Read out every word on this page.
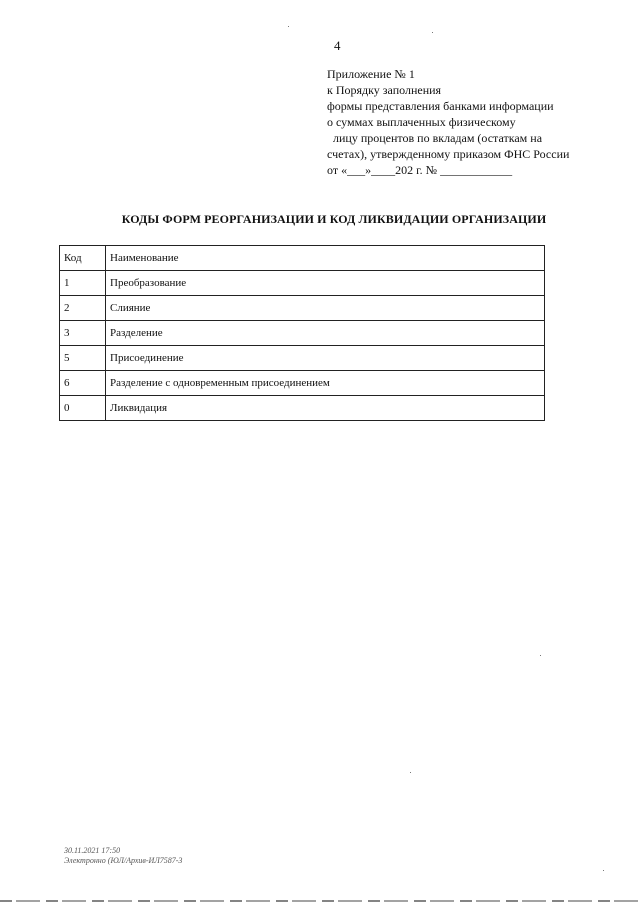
4
Приложение № 1
к Порядку заполнения
формы представления банками информации
о суммах выплаченных физическому
лицу процентов по вкладам (остаткам на
счетах), утвержденному приказом ФНС России
от «___»____202 г. № ____________
КОДЫ ФОРМ РЕОРГАНИЗАЦИИ И КОД ЛИКВИДАЦИИ ОРГАНИЗАЦИИ
Код	Наименование
1	Преобразование
2	Слияние
3	Разделение
5	Присоединение
6	Разделение с одновременным присоединением
0	Ликвидация
30.11.2021 17:50
Электронно (ЮЛ/Архив-ИЛ7587-3
